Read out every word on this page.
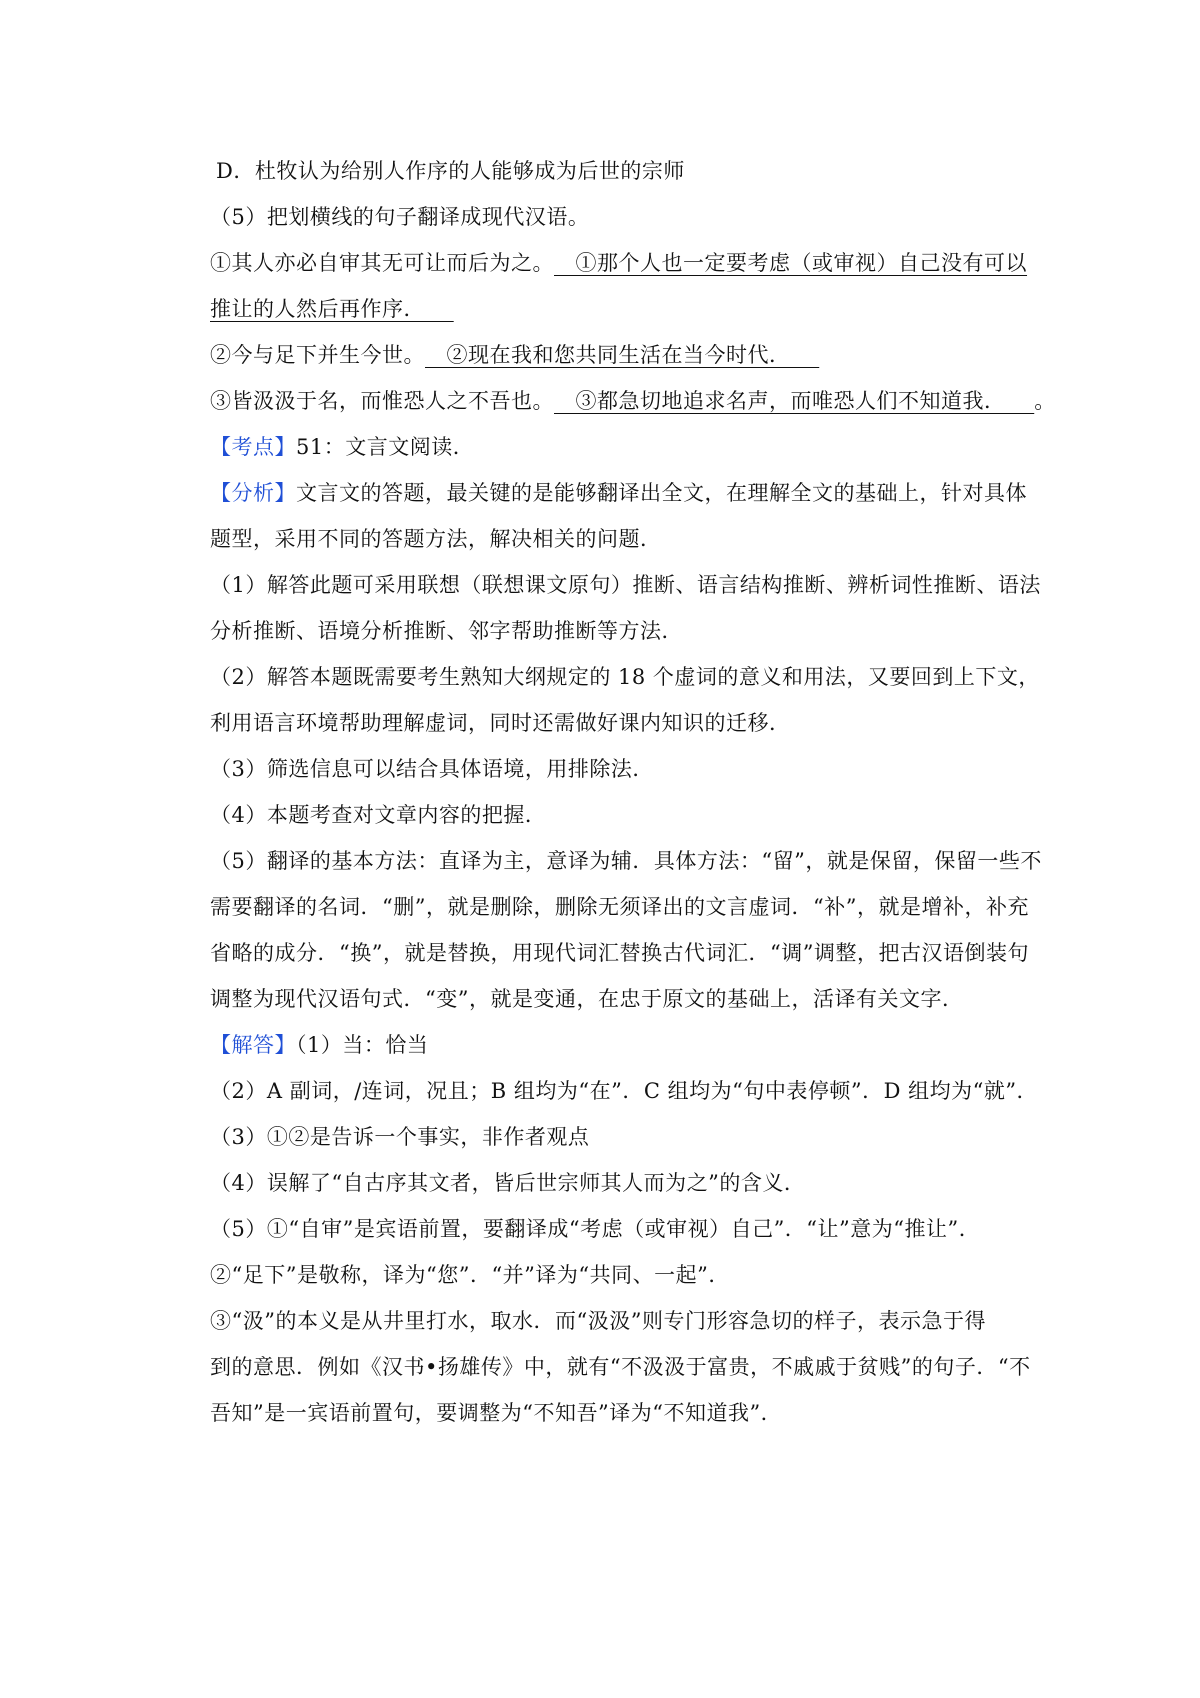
D．杜牧认为给别人作序的人能够成为后世的宗师
（5）把划横线的句子翻译成现代汉语。
①其人亦必自审其无可让而后为之。   ①那个人也一定要考虑（或审视）自己没有可以
推让的人然后再作序．
②今与足下并生今世。   ②现在我和您共同生活在当今时代．
③皆汲汲于名，而惟恐人之不吾也。   ③都急切地追求名声，而唯恐人们不知道我．    。
【考点】51：文言文阅读．
【分析】文言文的答题，最关键的是能够翻译出全文，在理解全文的基础上，针对具体
题型，采用不同的答题方法，解决相关的问题．
（1）解答此题可采用联想（联想课文原句）推断、语言结构推断、辨析词性推断、语法
分析推断、语境分析推断、邻字帮助推断等方法．
（2）解答本题既需要考生熟知大纲规定的 18 个虚词的意义和用法，又要回到上下文，
利用语言环境帮助理解虚词，同时还需做好课内知识的迁移．
（3）筛选信息可以结合具体语境，用排除法．
（4）本题考查对文章内容的把握．
（5）翻译的基本方法：直译为主，意译为辅．具体方法：“留”，就是保留，保留一些不
需要翻译的名词．“删”，就是删除，删除无须译出的文言虚词．“补”，就是增补，补充
省略的成分．“换”，就是替换，用现代词汇替换古代词汇．“调”调整，把古汉语倒装句
调整为现代汉语句式．“变”，就是变通，在忠于原文的基础上，活译有关文字．
【解答】（1）当：恰当
（2）A 副词，/连词，况且；B 组均为“在”．C 组均为“句中表停顿”．D 组均为“就”．
（3）①②是告诉一个事实，非作者观点
（4）误解了“自古序其文者，皆后世宗师其人而为之”的含义．
（5）①“自审”是宾语前置，要翻译成“考虑（或审视）自己”．“让”意为“推让”．
②“足下”是敬称，译为“您”．“并”译为“共同、一起”．
③“汲”的本义是从井里打水，取水．而“汲汲”则专门形容急切的样子，表示急于得
到的意思．例如《汉书•扬雄传》中，就有“不汲汲于富贵，不戚戚于贫贱”的句子．“不
吾知”是一宾语前置句，要调整为“不知吾”译为“不知道我”．
